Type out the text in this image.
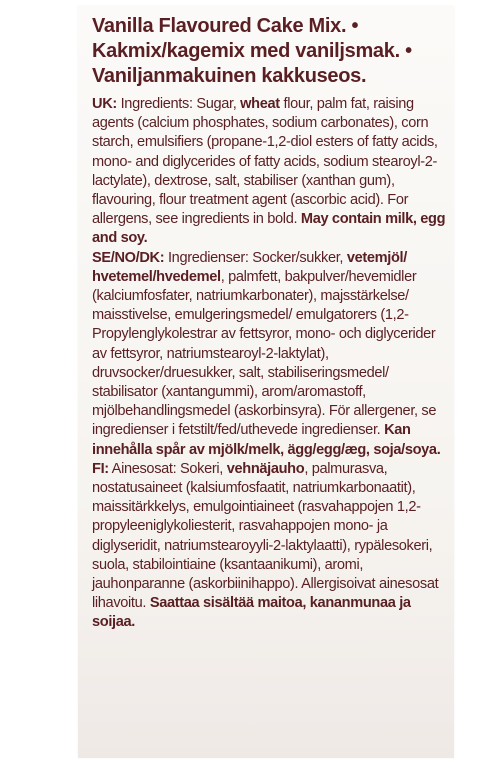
Vanilla Flavoured Cake Mix. •
Kakmix/kagemix med vaniljsmak. •
Vaniljanmakuinen kakkuseos.
UK: Ingredients: Sugar, wheat flour, palm fat, raising agents (calcium phosphates, sodium carbonates), corn starch, emulsifiers (propane-1,2-diol esters of fatty acids, mono- and diglycerides of fatty acids, sodium stearoyl-2-lactylate), dextrose, salt, stabiliser (xanthan gum), flavouring, flour treatment agent (ascorbic acid). For allergens, see ingredients in bold. May contain milk, egg and soy.
SE/NO/DK: Ingredienser: Socker/sukker, vetemjöl/ hvetemel/hvedemel, palmfett, bakpulver/hevemidler (kalciumfosfater, natriumkarbonater), majsstärkelse/ maisstivelse, emulgeringsmedel/ emulgatorers (1,2-Propylenglykolestrar av fettsyror, mono- och diglycerider av fettsyror, natriumstearoyl-2-laktylat), druvsocker/druesukker, salt, stabiliseringsmedel/ stabilisator (xantangummi), arom/aromastoff, mjölbehandlingsmedel (askorbinsyra). För allergener, se ingredienser i fetstilt/fed/uthevede ingredienser. Kan innehålla spår av mjölk/melk, ägg/egg/æg, soja/soya.
FI: Ainesosat: Sokeri, vehnäjauho, palmurasva, nostatusaineet (kalsiumfosfaatit, natriumkarbonaatit), maissitärkkelys, emulgointiaineet (rasvahappojen 1,2-propyleeniglykoliesterit, rasvahappojen mono- ja diglyseridit, natriumstearoyyli-2-laktylaatti), rypälesokeri, suola, stabilointiaine (ksantaanikumi), aromi, jauhonparanne (askorbiinihappo). Allergisoivat ainesosat lihavoitu. Saattaa sisältää maitoa, kananmunaa ja soijaa.
